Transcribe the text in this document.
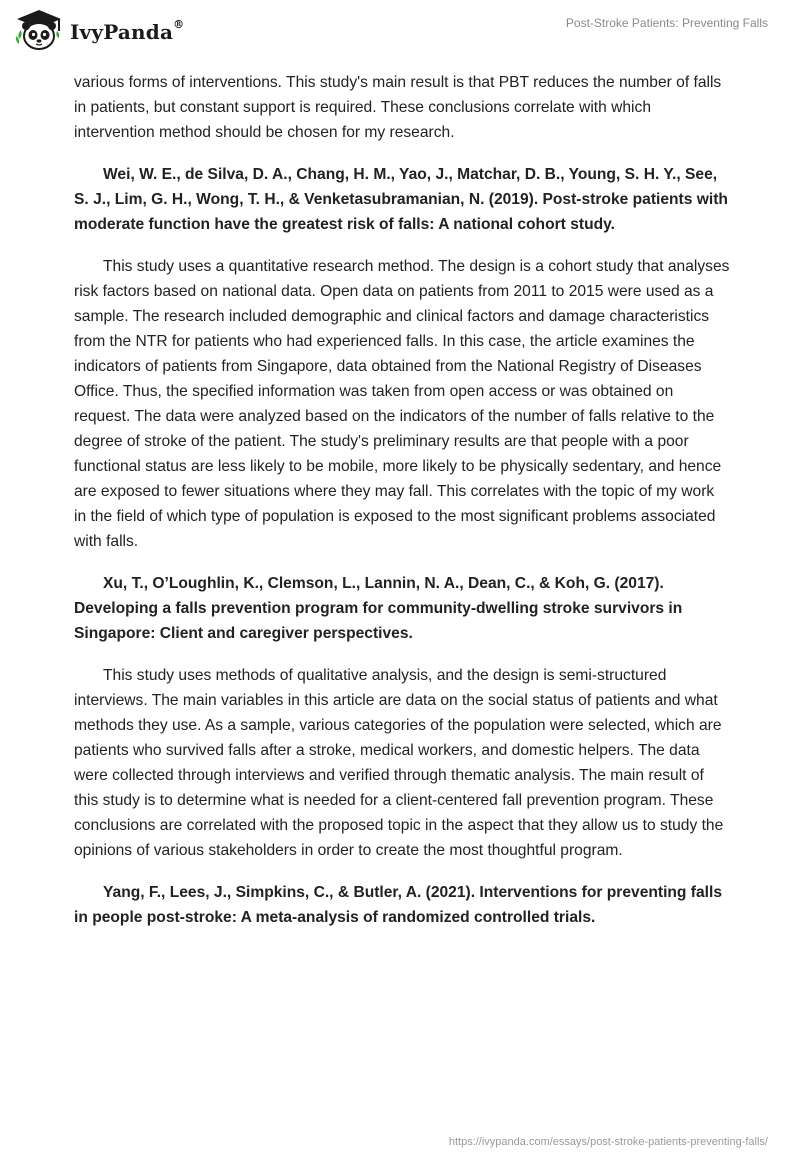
IvyPanda®	Post-Stroke Patients: Preventing Falls

various forms of interventions. This study's main result is that PBT reduces the number of falls in patients, but constant support is required. These conclusions correlate with which intervention method should be chosen for my research.

Wei, W. E., de Silva, D. A., Chang, H. M., Yao, J., Matchar, D. B., Young, S. H. Y., See, S. J., Lim, G. H., Wong, T. H., & Venketasubramanian, N. (2019). Post-stroke patients with moderate function have the greatest risk of falls: A national cohort study.

This study uses a quantitative research method. The design is a cohort study that analyses risk factors based on national data. Open data on patients from 2011 to 2015 were used as a sample. The research included demographic and clinical factors and damage characteristics from the NTR for patients who had experienced falls. In this case, the article examines the indicators of patients from Singapore, data obtained from the National Registry of Diseases Office. Thus, the specified information was taken from open access or was obtained on request. The data were analyzed based on the indicators of the number of falls relative to the degree of stroke of the patient. The study's preliminary results are that people with a poor functional status are less likely to be mobile, more likely to be physically sedentary, and hence are exposed to fewer situations where they may fall. This correlates with the topic of my work in the field of which type of population is exposed to the most significant problems associated with falls.

Xu, T., O’Loughlin, K., Clemson, L., Lannin, N. A., Dean, C., & Koh, G. (2017). Developing a falls prevention program for community-dwelling stroke survivors in Singapore: Client and caregiver perspectives.

This study uses methods of qualitative analysis, and the design is semi-structured interviews. The main variables in this article are data on the social status of patients and what methods they use. As a sample, various categories of the population were selected, which are patients who survived falls after a stroke, medical workers, and domestic helpers. The data were collected through interviews and verified through thematic analysis. The main result of this study is to determine what is needed for a client-centered fall prevention program. These conclusions are correlated with the proposed topic in the aspect that they allow us to study the opinions of various stakeholders in order to create the most thoughtful program.

Yang, F., Lees, J., Simpkins, C., & Butler, A. (2021). Interventions for preventing falls in people post-stroke: A meta-analysis of randomized controlled trials.

https://ivypanda.com/essays/post-stroke-patients-preventing-falls/
